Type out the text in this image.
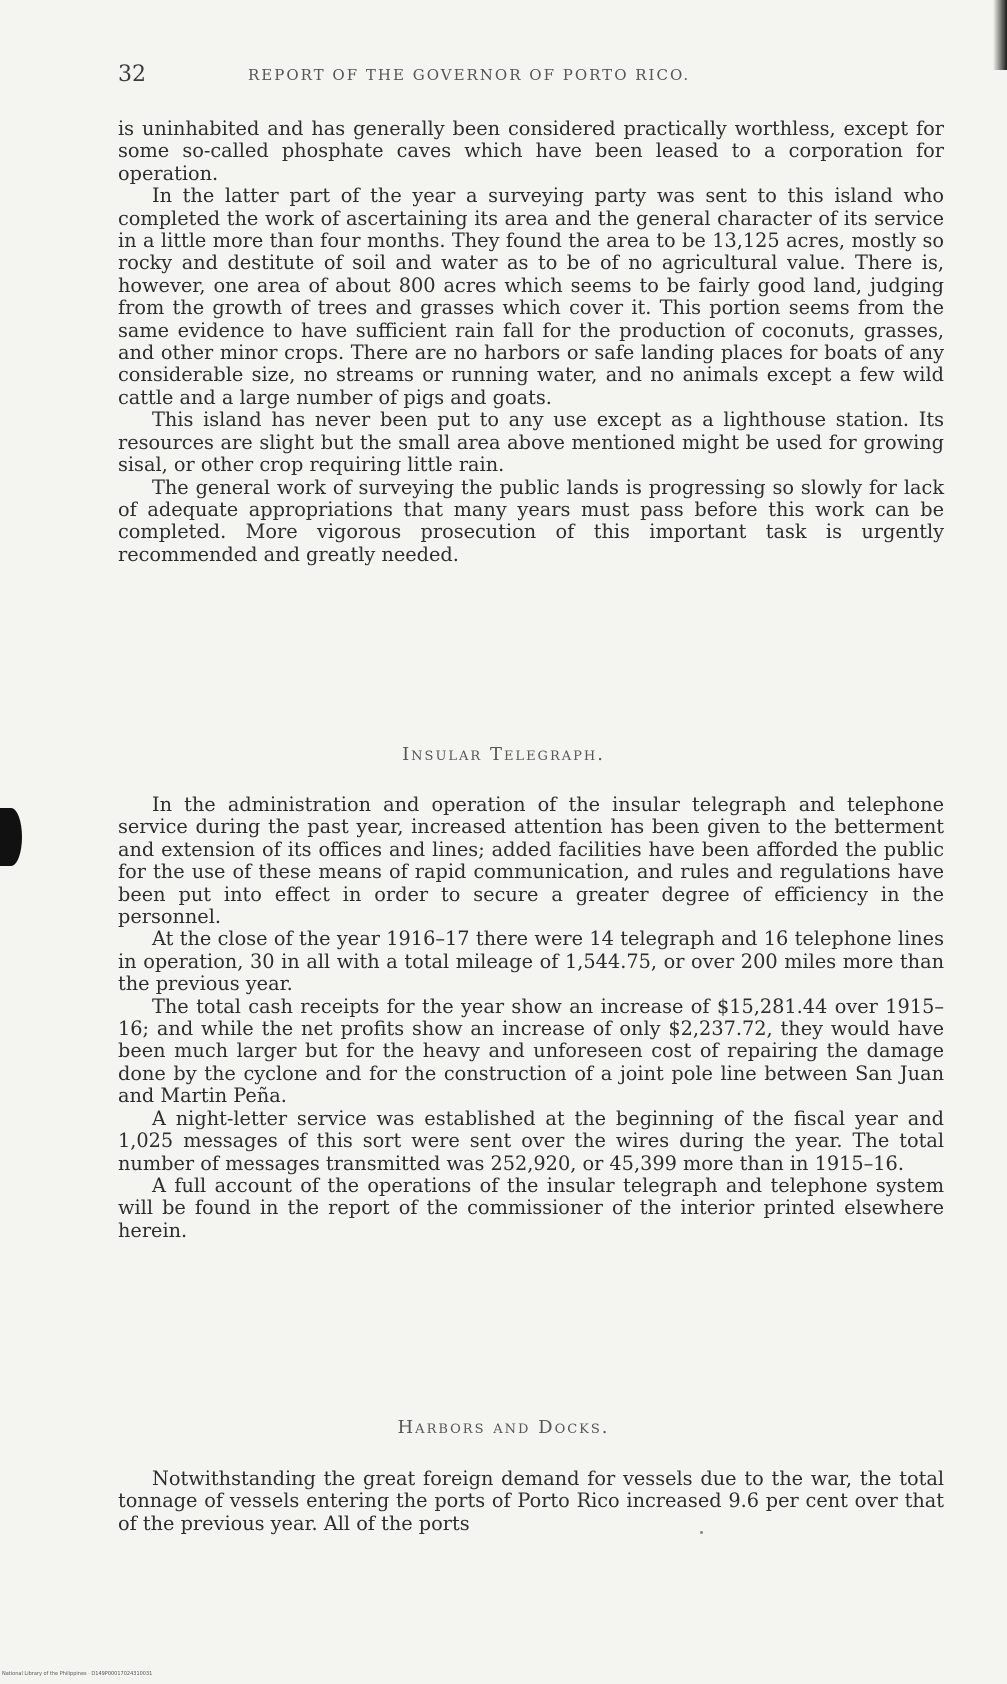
32	REPORT OF THE GOVERNOR OF PORTO RICO.

is uninhabited and has generally been considered practically worthless, except for some so-called phosphate caves which have been leased to a corporation for operation.

In the latter part of the year a surveying party was sent to this island who completed the work of ascertaining its area and the general character of its service in a little more than four months. They found the area to be 13,125 acres, mostly so rocky and destitute of soil and water as to be of no agricultural value. There is, however, one area of about 800 acres which seems to be fairly good land, judging from the growth of trees and grasses which cover it. This portion seems from the same evidence to have sufficient rain fall for the production of coconuts, grasses, and other minor crops. There are no harbors or safe landing places for boats of any considerable size, no streams or running water, and no animals except a few wild cattle and a large number of pigs and goats.

This island has never been put to any use except as a lighthouse station. Its resources are slight but the small area above mentioned might be used for growing sisal, or other crop requiring little rain.

The general work of surveying the public lands is progressing so slowly for lack of adequate appropriations that many years must pass before this work can be completed. More vigorous prosecution of this important task is urgently recommended and greatly needed.

Insular Telegraph.

In the administration and operation of the insular telegraph and telephone service during the past year, increased attention has been given to the betterment and extension of its offices and lines; added facilities have been afforded the public for the use of these means of rapid communication, and rules and regulations have been put into effect in order to secure a greater degree of efficiency in the personnel.

At the close of the year 1916–17 there were 14 telegraph and 16 telephone lines in operation, 30 in all with a total mileage of 1,544.75, or over 200 miles more than the previous year.

The total cash receipts for the year show an increase of $15,281.44 over 1915–16; and while the net profits show an increase of only $2,237.72, they would have been much larger but for the heavy and unforeseen cost of repairing the damage done by the cyclone and for the construction of a joint pole line between San Juan and Martin Peña.

A night-letter service was established at the beginning of the fiscal year and 1,025 messages of this sort were sent over the wires during the year. The total number of messages transmitted was 252,920, or 45,399 more than in 1915–16.

A full account of the operations of the insular telegraph and telephone system will be found in the report of the commissioner of the interior printed elsewhere herein.

Harbors and Docks.

Notwithstanding the great foreign demand for vessels due to the war, the total tonnage of vessels entering the ports of Porto Rico increased 9.6 per cent over that of the previous year. All of the ports

National Library of the Philippines · D149P00017024310031
